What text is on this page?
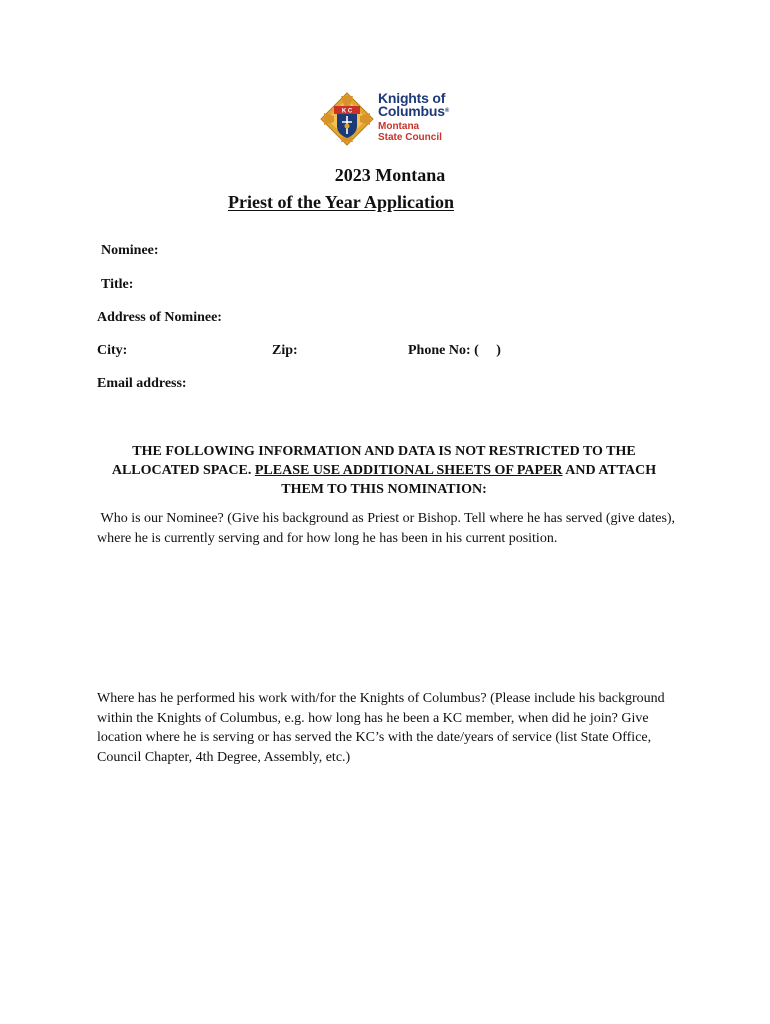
K C
Knights of
Columbus®
Montana
State Council
2023 Montana
Priest of the Year Application
Nominee:
Title:
Address of Nominee:
City:	Zip:	Phone No: (     )
Email address:
THE FOLLOWING INFORMATION AND DATA IS NOT RESTRICTED TO THE ALLOCATED SPACE. PLEASE USE ADDITIONAL SHEETS OF PAPER AND ATTACH THEM TO THIS NOMINATION:
Who is our Nominee? (Give his background as Priest or Bishop. Tell where he has served (give dates), where he is currently serving and for how long he has been in his current position.
Where has he performed his work with/for the Knights of Columbus? (Please include his background within the Knights of Columbus, e.g. how long has he been a KC member, when did he join? Give location where he is serving or has served the KC’s with the date/years of service (list State Office, Council Chapter, 4th Degree, Assembly, etc.)
